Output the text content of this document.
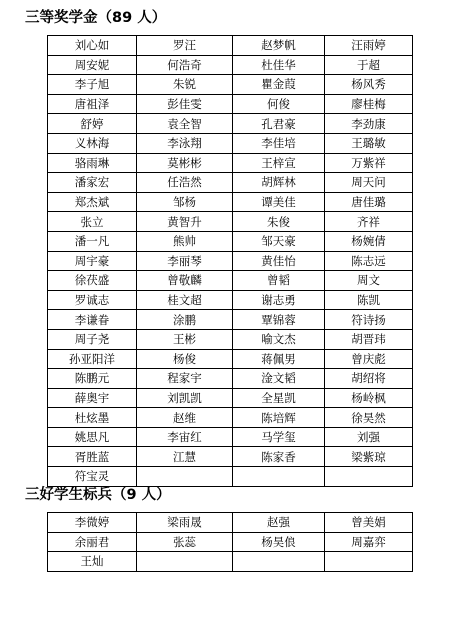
三等奖学金（89 人）
刘心如	罗汪	赵梦帆	汪雨婷
周安妮	何浩奇	杜佳华	于超
李子旭	朱锐	瞿金葭	杨风秀
唐祖泽	彭佳雯	何俊	廖桂梅
舒婷	袁全智	孔君豪	李劲康
义林海	李泳翔	李佳培	王璐敏
骆雨琳	莫彬彬	王梓宣	万紫祥
潘家宏	任浩然	胡辉林	周天问
郑杰斌	邹杨	谭美佳	唐佳璐
张立	黄智升	朱俊	齐祥
潘一凡	熊帅	邹天豪	杨婉倩
周宇豪	李丽琴	黄佳怡	陈志远
徐茯盛	曾敬麟	曾韬	周文
罗诚志	桂文超	谢志勇	陈凯
李谦眷	涂鹏	覃锦蓉	符诗扬
周子尧	王彬	喻文杰	胡晋玮
孙亚阳洋	杨俊	蒋佩男	曾庆彪
陈鹏元	程家宇	淦文韬	胡绍将
薛奥宇	刘凯凯	全星凯	杨岭枫
杜炫墨	赵维	陈培辉	徐昊然
姚思凡	李宙红	马学玺	刘强
胥胜蓝	江慧	陈家香	梁紫琼
符宝灵			
三好学生标兵（9 人）
李微婷	梁雨晟	赵强	曾美娟
余丽君	张蕊	杨昊俍	周嘉弈
王灿			
